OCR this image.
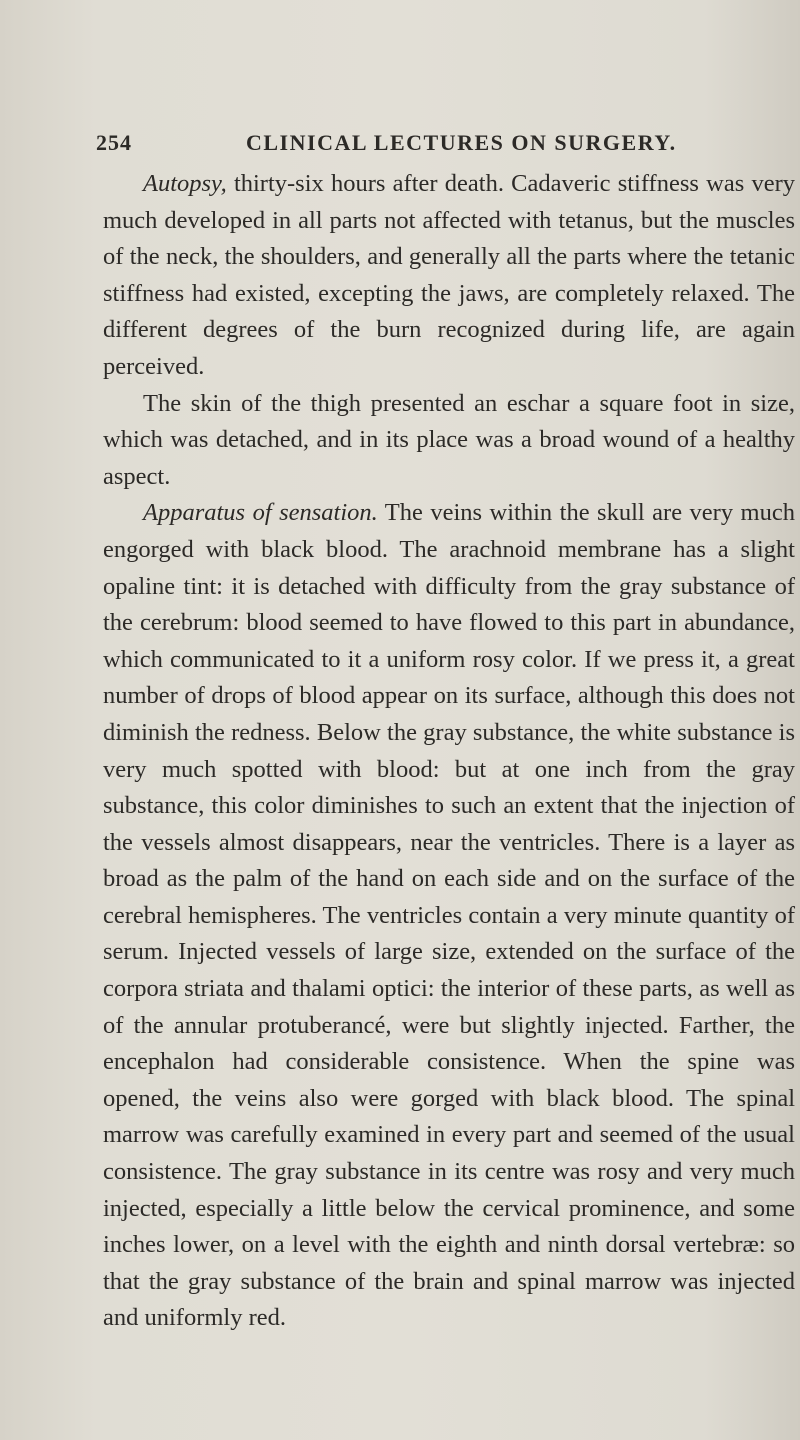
254	CLINICAL LECTURES ON SURGERY.

Autopsy, thirty-six hours after death. Cadaveric stiffness was very much developed in all parts not affected with tetanus, but the muscles of the neck, the shoulders, and generally all the parts where the tetanic stiffness had existed, excepting the jaws, are completely relaxed. The different degrees of the burn recognized during life, are again perceived.

The skin of the thigh presented an eschar a square foot in size, which was detached, and in its place was a broad wound of a healthy aspect.

Apparatus of sensation. The veins within the skull are very much engorged with black blood. The arachnoid membrane has a slight opaline tint: it is detached with difficulty from the gray substance of the cerebrum: blood seemed to have flowed to this part in abundance, which communicated to it a uniform rosy color. If we press it, a great number of drops of blood appear on its surface, although this does not diminish the redness. Below the gray substance, the white substance is very much spotted with blood: but at one inch from the gray substance, this color diminishes to such an extent that the injection of the vessels almost disappears, near the ventricles. There is a layer as broad as the palm of the hand on each side and on the surface of the cerebral hemispheres. The ventricles contain a very minute quantity of serum. Injected vessels of large size, extended on the surface of the corpora striata and thalami optici: the interior of these parts, as well as of the annular protuberancé, were but slightly injected. Farther, the encephalon had considerable consistence. When the spine was opened, the veins also were gorged with black blood. The spinal marrow was carefully examined in every part and seemed of the usual consistence. The gray substance in its centre was rosy and very much injected, especially a little below the cervical prominence, and some inches lower, on a level with the eighth and ninth dorsal vertebræ: so that the gray substance of the brain and spinal marrow was injected and uniformly red.
